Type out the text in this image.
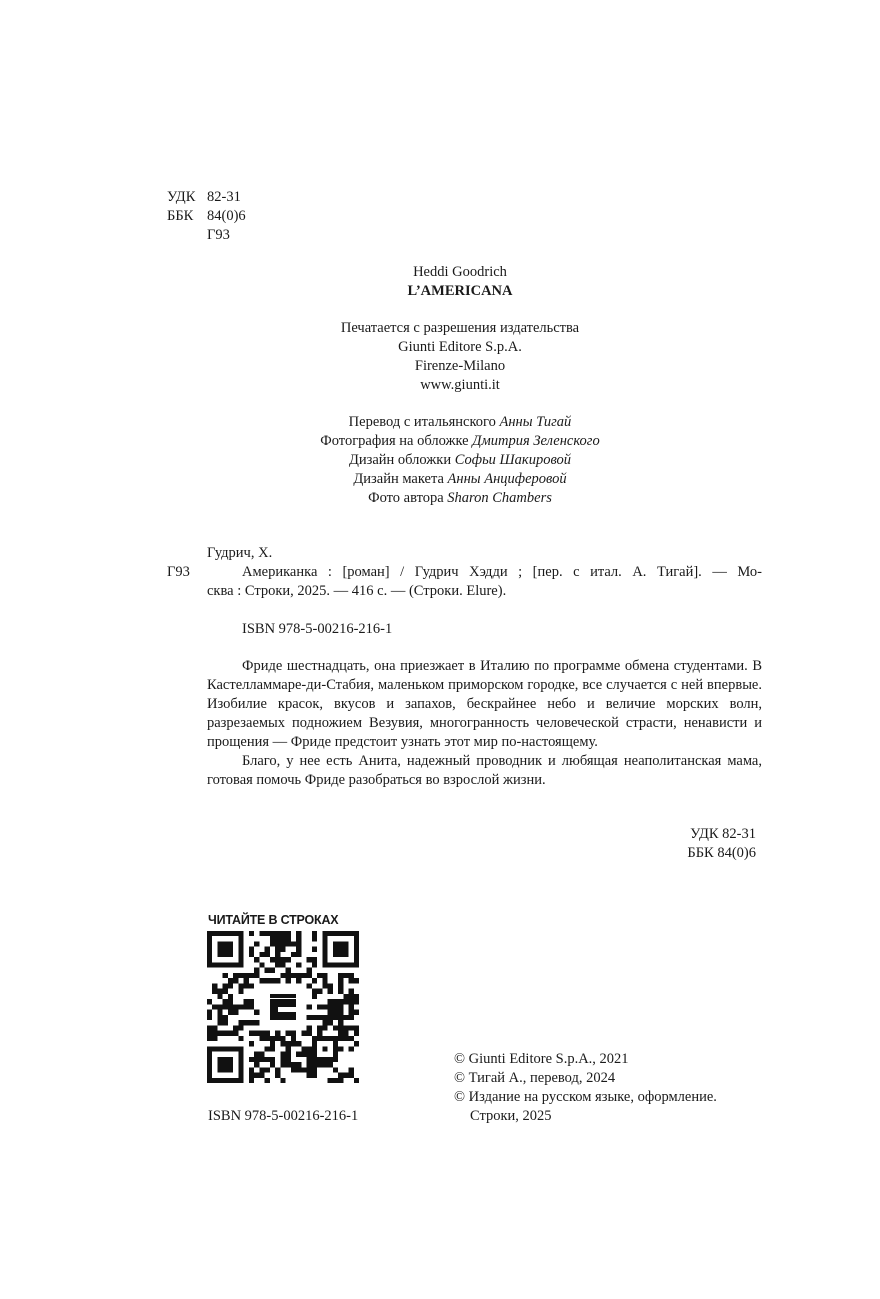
УДК 82-31
ББК 84(0)6
Г93
Heddi Goodrich
L’AMERICANA
Печатается с разрешения издательства
Giunti Editore S.p.A.
Firenze-Milano
www.giunti.it
Перевод с итальянского Анны Тигай
Фотография на обложке Дмитрия Зеленского
Дизайн обложки Софьи Шакировой
Дизайн макета Анны Анциферовой
Фото автора Sharon Chambers
Гудрич, Х.
Г93	Американка : [роман] / Гудрич Хэдди ; [пер. с итал. А. Тигай]. — Мо-
сква : Строки, 2025. — 416 с. — (Строки. Elure).
ISBN 978-5-00216-216-1

Фриде шестнадцать, она приезжает в Италию по программе обмена студентами. В Кастелламмаре-ди-Стабия, маленьком приморском городке, все случается с ней впервые. Изобилие красок, вкусов и запахов, бескрайнее небо и величие морских волн, разрезаемых подножием Везувия, многогранность человеческой страсти, ненависти и прощения — Фриде предстоит узнать этот мир по-настоящему.

Благо, у нее есть Анита, надежный проводник и любящая неаполитанская мама, готовая помочь Фриде разобраться во взрослой жизни.

УДК 82-31
ББК 84(0)6
ЧИТАЙТЕ В СТРОКАХ
ISBN 978-5-00216-216-1
© Giunti Editore S.p.A., 2021
© Тигай А., перевод, 2024
© Издание на русском языке, оформление.
Строки, 2025
